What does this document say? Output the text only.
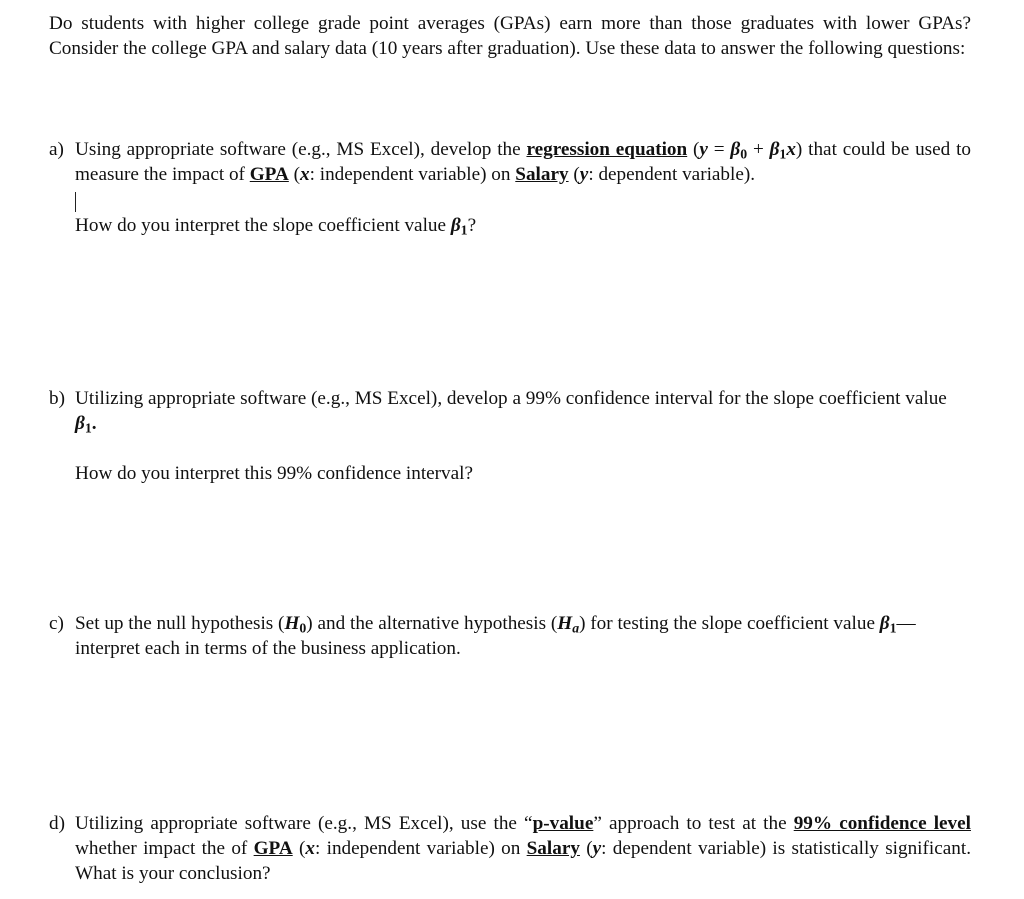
Do students with higher college grade point averages (GPAs) earn more than those graduates with lower GPAs? Consider the college GPA and salary data (10 years after graduation). Use these data to answer the following questions:

a) Using appropriate software (e.g., MS Excel), develop the regression equation $(y = \beta_0 + \beta_1x)$ that could be used to measure the impact of GPA (x: independent variable) on Salary (y: dependent variable).
How do you interpret the slope coefficient value $\beta_1$?
b) Utilizing appropriate software (e.g., MS Excel), develop a 99% confidence interval for the slope coefficient value $\beta_1$.
How do you interpret this 99% confidence interval?
c) Set up the null hypothesis $(H_0)$ and the alternative hypothesis $(H_a)$ for testing the slope coefficient value $\beta_1—interpret$ each in terms of the business application.
d) Utilizing appropriate software (e.g., MS Excel), use the “p-value” approach to test at the 99% confidence level whether impact the of GPA (x: independent variable) on Salary (y: dependent variable) is statistically significant. What is your conclusion?
